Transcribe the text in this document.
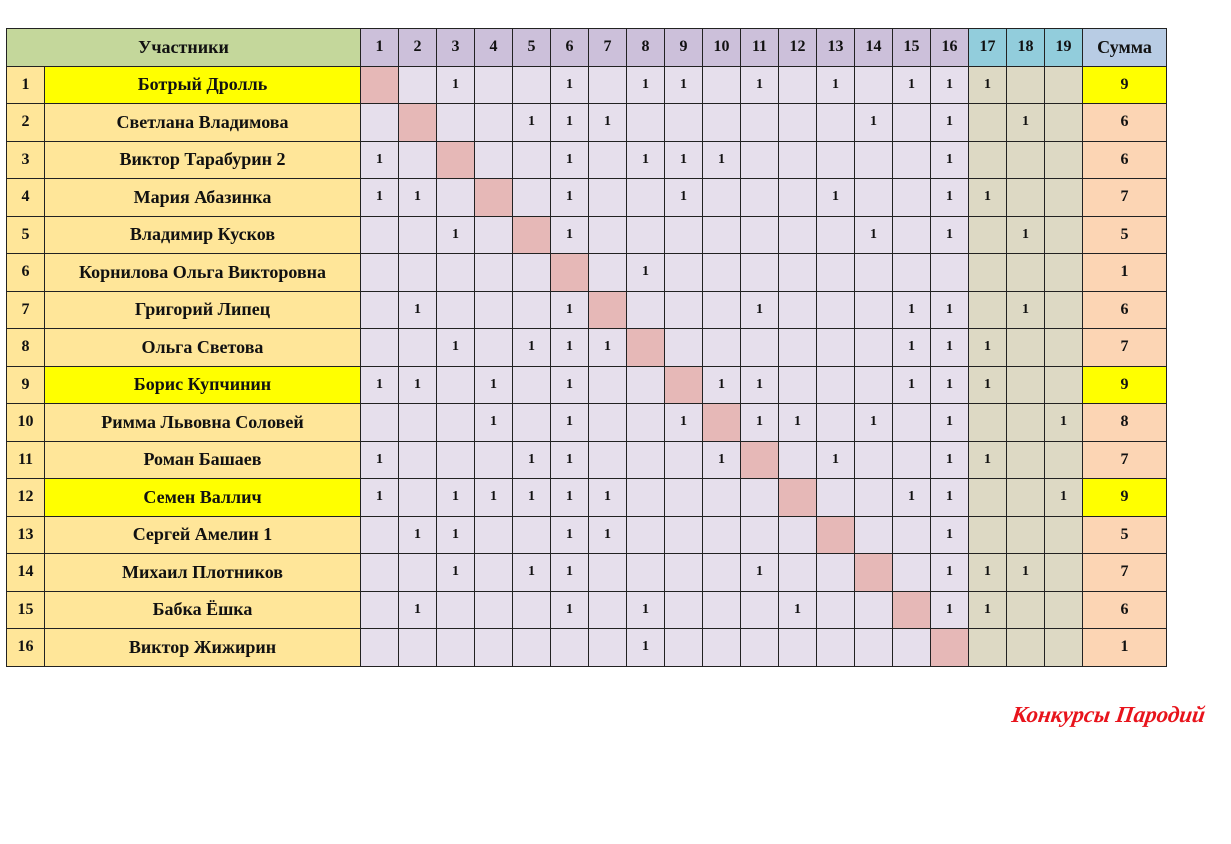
Участники		1	2	3	4	5	6	7	8	9	10	11	12	13	14	15	16	17	18	19	Сумма
1	Ботрый Дролль			1			1		1	1		1		1		1	1	1			9
2	Светлана Владимова					1	1	1							1		1		1		6
3	Виктор Тарабурин 2	1					1		1	1	1						1				6
4	Мария Абазинка	1	1				1			1				1			1	1			7
5	Владимир Кусков			1			1								1		1		1		5
6	Корнилова Ольга Викторовна								1												1
7	Григорий Липец		1				1					1				1	1		1		6
8	Ольга Светова			1		1	1	1								1	1	1			7
9	Борис Купчинин	1	1		1		1				1	1				1	1	1			9
10	Римма Львовна Соловей				1		1			1		1	1		1		1			1	8
11	Роман Башаев	1				1	1				1			1			1	1			7
12	Семен Валлич	1		1	1	1	1	1								1	1			1	9
13	Сергей Амелин 1		1	1			1	1									1				5
14	Михаил Плотников			1		1	1					1					1	1	1		7
15	Бабка Ёшка		1				1		1				1				1	1			6
16	Виктор Жижирин								1												1
Конкурсы Пародий
